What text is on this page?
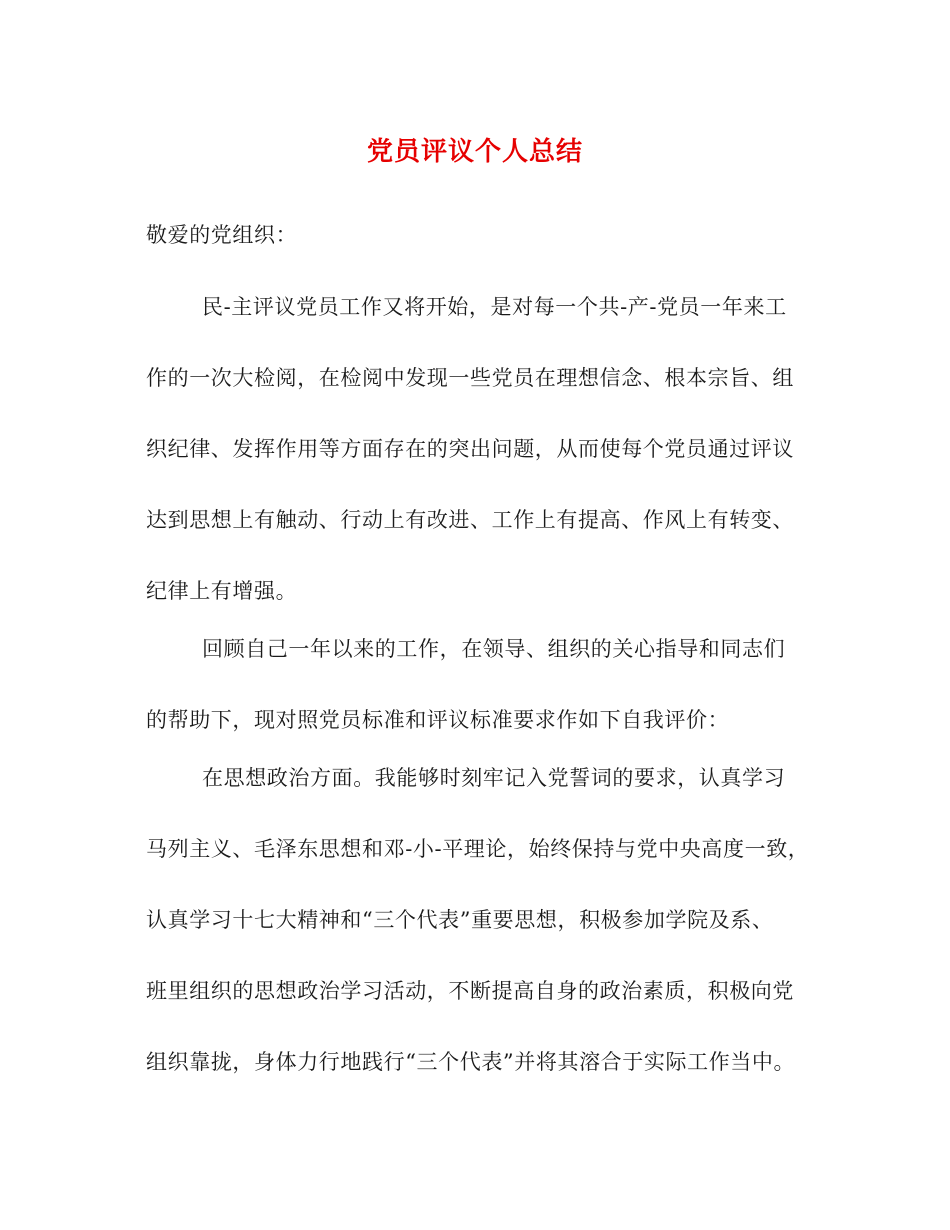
党员评议个人总结
敬爱的党组织：
民-主评议党员工作又将开始，是对每一个共-产-党员一年来工
作的一次大检阅，在检阅中发现一些党员在理想信念、根本宗旨、组
织纪律、发挥作用等方面存在的突出问题，从而使每个党员通过评议
达到思想上有触动、行动上有改进、工作上有提高、作风上有转变、
纪律上有增强。
回顾自己一年以来的工作，在领导、组织的关心指导和同志们
的帮助下，现对照党员标准和评议标准要求作如下自我评价：
在思想政治方面。我能够时刻牢记入党誓词的要求，认真学习
马列主义、毛泽东思想和邓-小-平理论，始终保持与党中央高度一致，
认真学习十七大精神和“三个代表”重要思想，积极参加学院及系、
班里组织的思想政治学习活动，不断提高自身的政治素质，积极向党
组织靠拢，身体力行地践行“三个代表”并将其溶合于实际工作当中。
